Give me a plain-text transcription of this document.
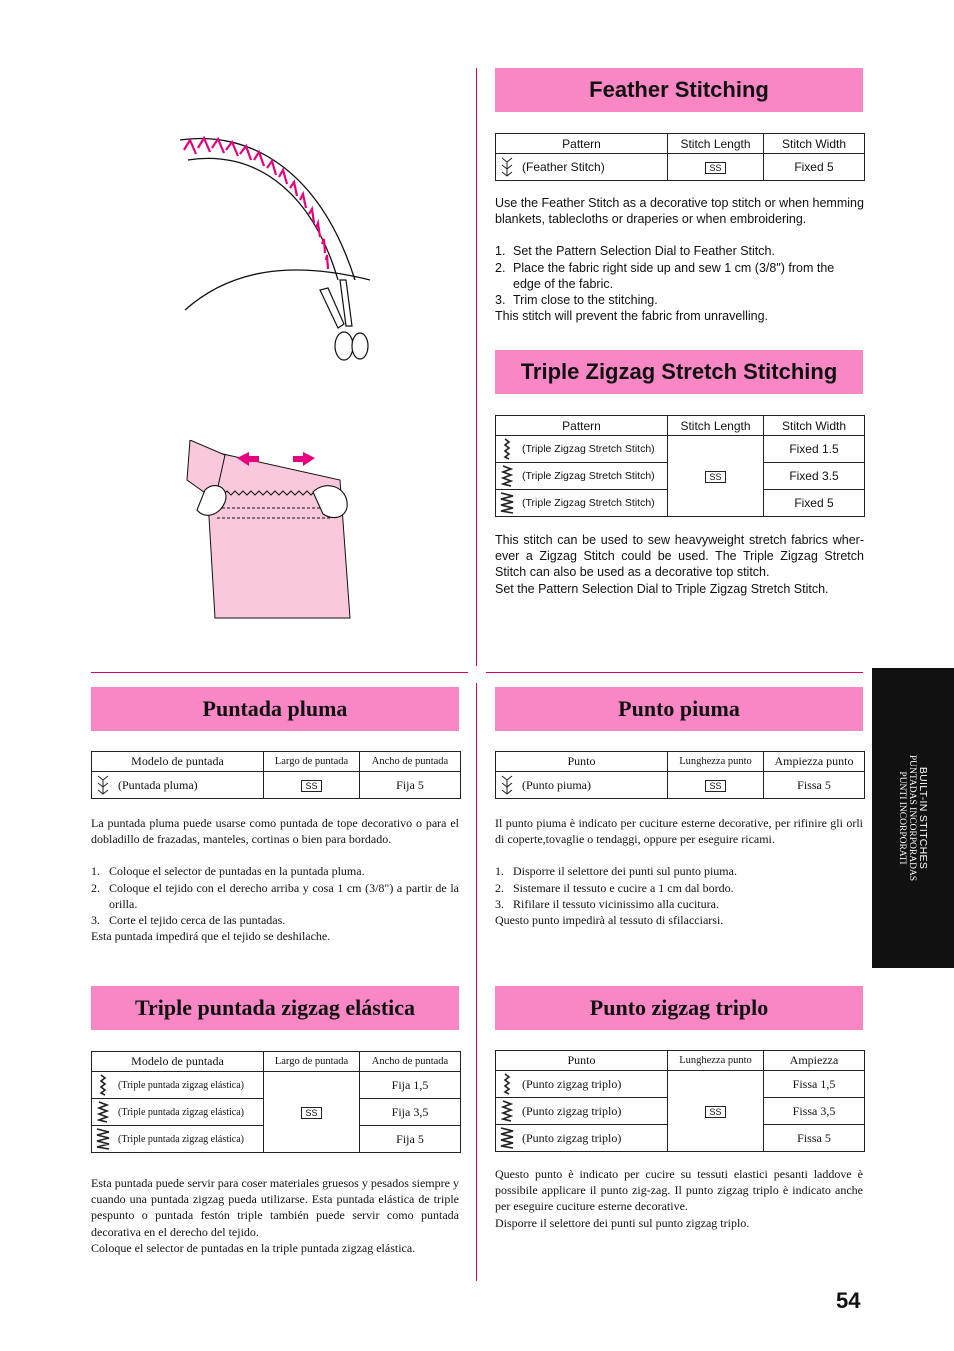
Feather Stitching
Pattern	Stitch Length	Stitch Width

(Feather Stitch)	SS	Fixed 5

Use the Feather Stitch as a decorative top stitch or when hemming blankets, tablecloths or draperies or when embroidering.

1. Set the Pattern Selection Dial to Feather Stitch.
2. Place the fabric right side up and sew 1 cm (3/8") from the edge of the fabric.
3. Trim close to the stitching.

This stitch will prevent the fabric from unravelling.

Triple Zigzag Stretch Stitching
Pattern	Stitch Length	Stitch Width

(Triple Zigzag Stretch Stitch)	SS	Fixed 1.5

(Triple Zigzag Stretch Stitch)		Fixed 3.5

(Triple Zigzag Stretch Stitch)		Fixed 5

This stitch can be used to sew heavyweight stretch fabrics wher-ever a Zigzag Stitch could be used. The Triple Zigzag Stretch Stitch can also be used as a decorative top stitch.

Set the Pattern Selection Dial to Triple Zigzag Stretch Stitch.

Puntada pluma
Modelo de puntada	Largo de puntada	Ancho de puntada

(Puntada pluma)	SS	Fija 5

La puntada pluma puede usarse como puntada de tope decorativo o para el dobladillo de frazadas, manteles, cortinas o bien para bordado.

1. Coloque el selector de puntadas en la puntada pluma.
2. Coloque el tejido con el derecho arriba y cosa 1 cm (3/8") a partir de la orilla.
3. Corte el tejido cerca de las puntadas.

Esta puntada impedirá que el tejido se deshilache.

Triple puntada zigzag elástica
Modelo de puntada	Largo de puntada	Ancho de puntada

(Triple puntada zigzag elástica)	SS	Fija 1,5

(Triple puntada zigzag elástica)		Fija 3,5

(Triple puntada zigzag elástica)		Fija 5

Esta puntada puede servir para coser materiales gruesos y pesados siempre y cuando una puntada zigzag pueda utilizarse. Esta puntada elástica de triple pespunto o puntada festón triple también puede servir como puntada decorativa en el derecho del tejido.

Coloque el selector de puntadas en la triple puntada zigzag elástica.

Punto piuma
Punto	Lunghezza punto	Ampiezza punto

(Punto piuma)	SS	Fissa 5

Il punto piuma è indicato per cuciture esterne decorative, per rifinire gli orli di coperte,tovaglie o tendaggi, oppure per eseguire ricami.

1. Disporre il selettore dei punti sul punto piuma.
2. Sistemare il tessuto e cucire a 1 cm dal bordo.
3. Rifilare il tessuto vicinissimo alla cucitura.

Questo punto impedirà al tessuto di sfilacciarsi.

Punto zigzag triplo
Punto	Lunghezza punto	Ampiezza

(Punto zigzag triplo)	SS	Fissa 1,5

(Punto zigzag triplo)		Fissa 3,5

(Punto zigzag triplo)		Fissa 5

Questo punto è indicato per cucire su tessuti elastici pesanti laddove è possibile applicare il punto zig-zag. Il punto zigzag triplo è indicato anche per eseguire cuciture esterne decorative.

Disporre il selettore dei punti sul punto zigzag triplo.

BUILT-IN STITCHES
PUNTADAS INCORPORADAS
PUNTI INCORPORATI
54
